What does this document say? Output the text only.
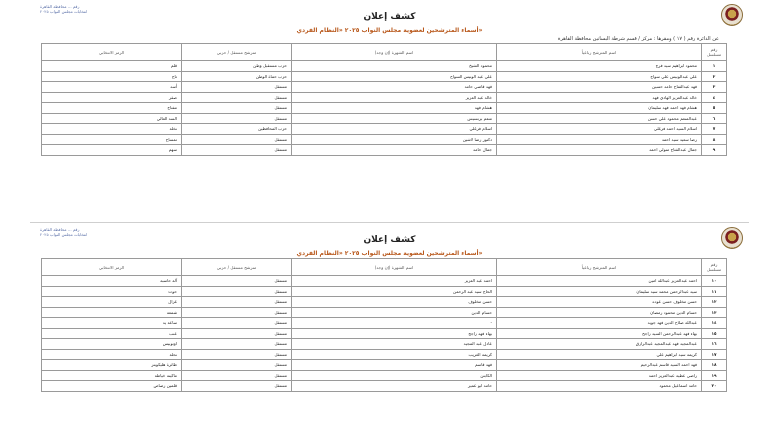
رقم ... محافظة القاهرة
انتخابات مجلس النواب ٢٠٢٥
كشف إعلان
أسماء المترشحين لعضوية مجلس النواب ٢٠٢٥ «النظام الفردي»
عن الدائرة رقم ( ١٧ ) ومقرها : مركز / قسم شرطة البساتين محافظة القاهرة
رقم مسلسل	اسم المترشح رباعياً	اسم الشهرة (إن وجد)	مترشح مستقل / حزبي	الرمز الانتخابي
١	محمود ابراهيم سيد فرج	محمود الشيخ	حزب مستقبل وطن	قلم
٢	علي عبدالونيس علي سواح	علي عبد الونيس السواح	حزب حماة الوطن	تاج
٣	فهد عبدالفتاح حامد حسين	فهد قاضي حامد	مستقل	أسد
٤	خالد عبدالعزيز الهادي فهد	خالد عبد العزيز	مستقل	صقر
٥	هشام فهد احمد فهد سليمان	هشام فهد	مستقل	مفتاح
٦	عبدالمنعم محمود علي حسن	منعم برنسيس	مستقل	السد العالي
٧	اسلام السيد احمد فرغلي	اسلام فرغلي	حزب المحافظين	نخلة
٨	رضا سعيد سيد احمد	دكتور رضا لاشين	مستقل	تمساح
٩	جمال عبدالفتاح متولي احمد	جمال حامد	مستقل	سهم
رقم ... محافظة القاهرة
انتخابات مجلس النواب ٢٠٢٥
كشف إعلان
أسماء المترشحين لعضوية مجلس النواب ٢٠٢٥ «النظام الفردي»
رقم مسلسل	اسم المترشح رباعياً	اسم الشهرة (إن وجد)	مترشح مستقل / حزبي	الرمز الانتخابي
١٠	احمد عبدالعزيز عبدالله امين	احمد عبد العزيز	مستقل	آلة حاسبة
١١	سيد عبدالرحمن محمد سيد سليمان	الحاج سيد عبد الرحمن	مستقل	حوت
١٢	حسن مخلوف حسن عوده	حسن مخلوف	مستقل	غزال
١٣	حسام الدين محمود رمضان	حسام الدين	مستقل	شمعة
١٤	عبدالله صلاح الدين فهد جويد	-	مستقل	ساعة يد
١٥	بهاء فهد عبدالرحمن السيد راجح	بهاء فهد راجح	مستقل	عنب
١٦	عبدالمجيد فهد عبدالمجيد عبدالرازق	عادل عبد المجيد	مستقل	اوتوبيس
١٧	كريمة سيد ابراهيم علي	كريمة الغريب	مستقل	نحلة
١٨	فهد احمد السيد قاسم عبدالرحيم	فهد قاسم	مستقل	طائرة هليكوبتر
١٩	راضي عطية عبدالعزيز احمد	الكابتن	مستقل	ماكينة خياطة
٢٠	حامد اسماعيل محمود	حامد ابو عمير	مستقل	قلمين رصاص
